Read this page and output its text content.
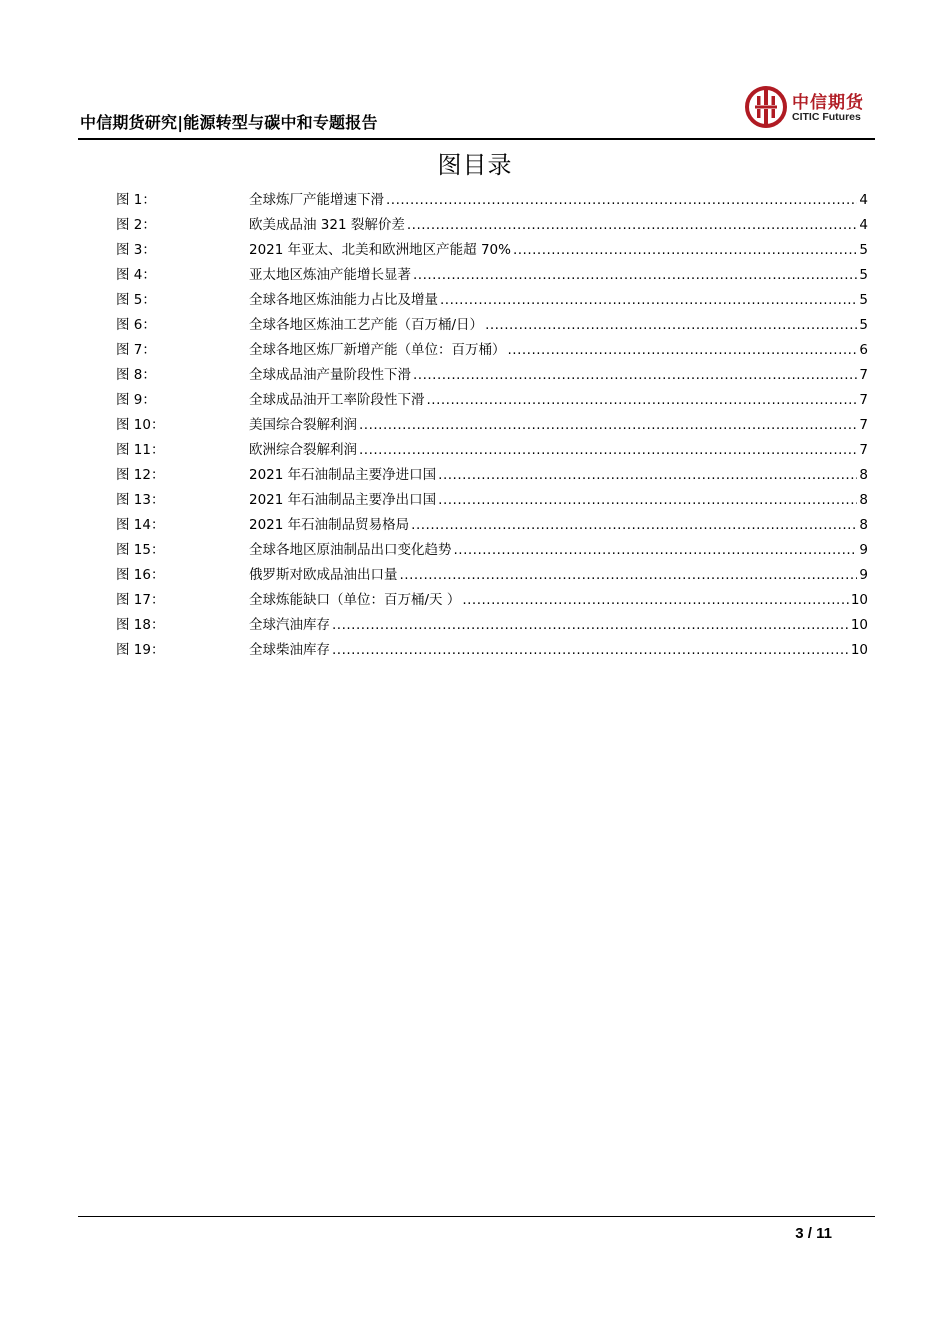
中信期货研究|能源转型与碳中和专题报告
中信期货
CITIC Futures
图目录
图 1：	全球炼厂产能增速下滑 .....	4
图 2：	欧美成品油 321 裂解价差 .....	4
图 3：	2021 年亚太、北美和欧洲地区产能超 70% .....	5
图 4：	亚太地区炼油产能增长显著 .....	5
图 5：	全球各地区炼油能力占比及增量 .....	5
图 6：	全球各地区炼油工艺产能（百万桶/日） .....	5
图 7：	全球各地区炼厂新增产能（单位：百万桶） .....	6
图 8：	全球成品油产量阶段性下滑 .....	7
图 9：	全球成品油开工率阶段性下滑 .....	7
图 10：	美国综合裂解利润 .....	7
图 11：	欧洲综合裂解利润 .....	7
图 12：	2021 年石油制品主要净进口国 .....	8
图 13：	2021 年石油制品主要净出口国 .....	8
图 14：	2021 年石油制品贸易格局 .....	8
图 15：	全球各地区原油制品出口变化趋势 .....	9
图 16：	俄罗斯对欧成品油出口量 .....	9
图 17：	全球炼能缺口（单位：百万桶/天 ） .....	10
图 18：	全球汽油库存 .....	10
图 19：	全球柴油库存 .....	10
3 / 11
